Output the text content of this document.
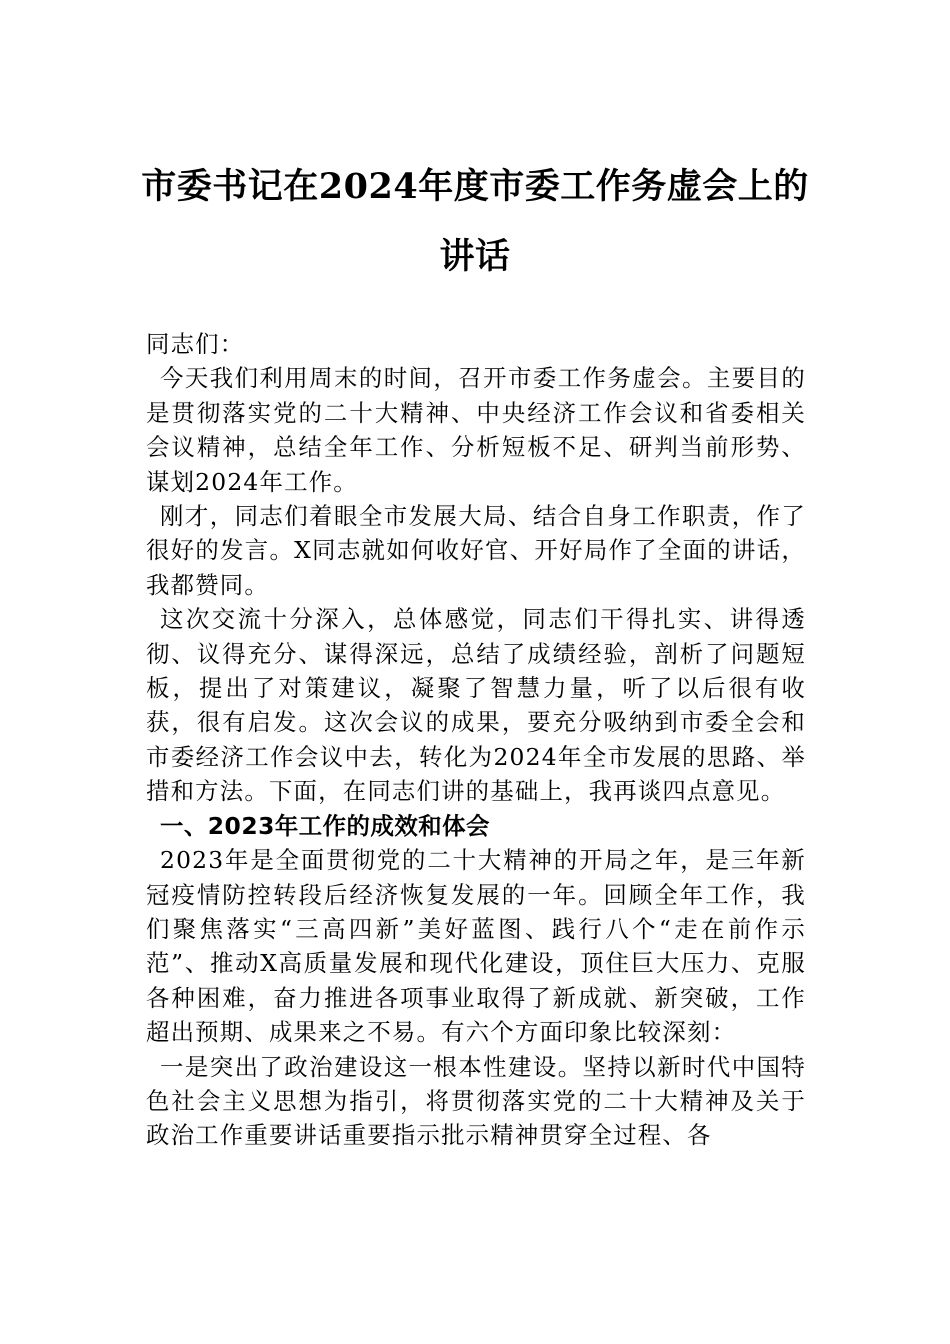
市委书记在2024年度市委工作务虚会上的
讲话

同志们：

今天我们利用周末的时间，召开市委工作务虚会。主要目的是贯彻落实党的二十大精神、中央经济工作会议和省委相关会议精神，总结全年工作、分析短板不足、研判当前形势、谋划2024年工作。

刚才，同志们着眼全市发展大局、结合自身工作职责，作了很好的发言。X同志就如何收好官、开好局作了全面的讲话，我都赞同。

这次交流十分深入，总体感觉，同志们干得扎实、讲得透彻、议得充分、谋得深远，总结了成绩经验，剖析了问题短板，提出了对策建议，凝聚了智慧力量，听了以后很有收获，很有启发。这次会议的成果，要充分吸纳到市委全会和市委经济工作会议中去，转化为2024年全市发展的思路、举措和方法。下面，在同志们讲的基础上，我再谈四点意见。

一、2023年工作的成效和体会

2023年是全面贯彻党的二十大精神的开局之年，是三年新冠疫情防控转段后经济恢复发展的一年。回顾全年工作，我们聚焦落实“三高四新”美好蓝图、践行八个“走在前作示范”、推动X高质量发展和现代化建设，顶住巨大压力、克服各种困难，奋力推进各项事业取得了新成就、新突破，工作超出预期、成果来之不易。有六个方面印象比较深刻：

一是突出了政治建设这一根本性建设。坚持以新时代中国特色社会主义思想为指引，将贯彻落实党的二十大精神及关于政治工作重要讲话重要指示批示精神贯穿全过程、各
